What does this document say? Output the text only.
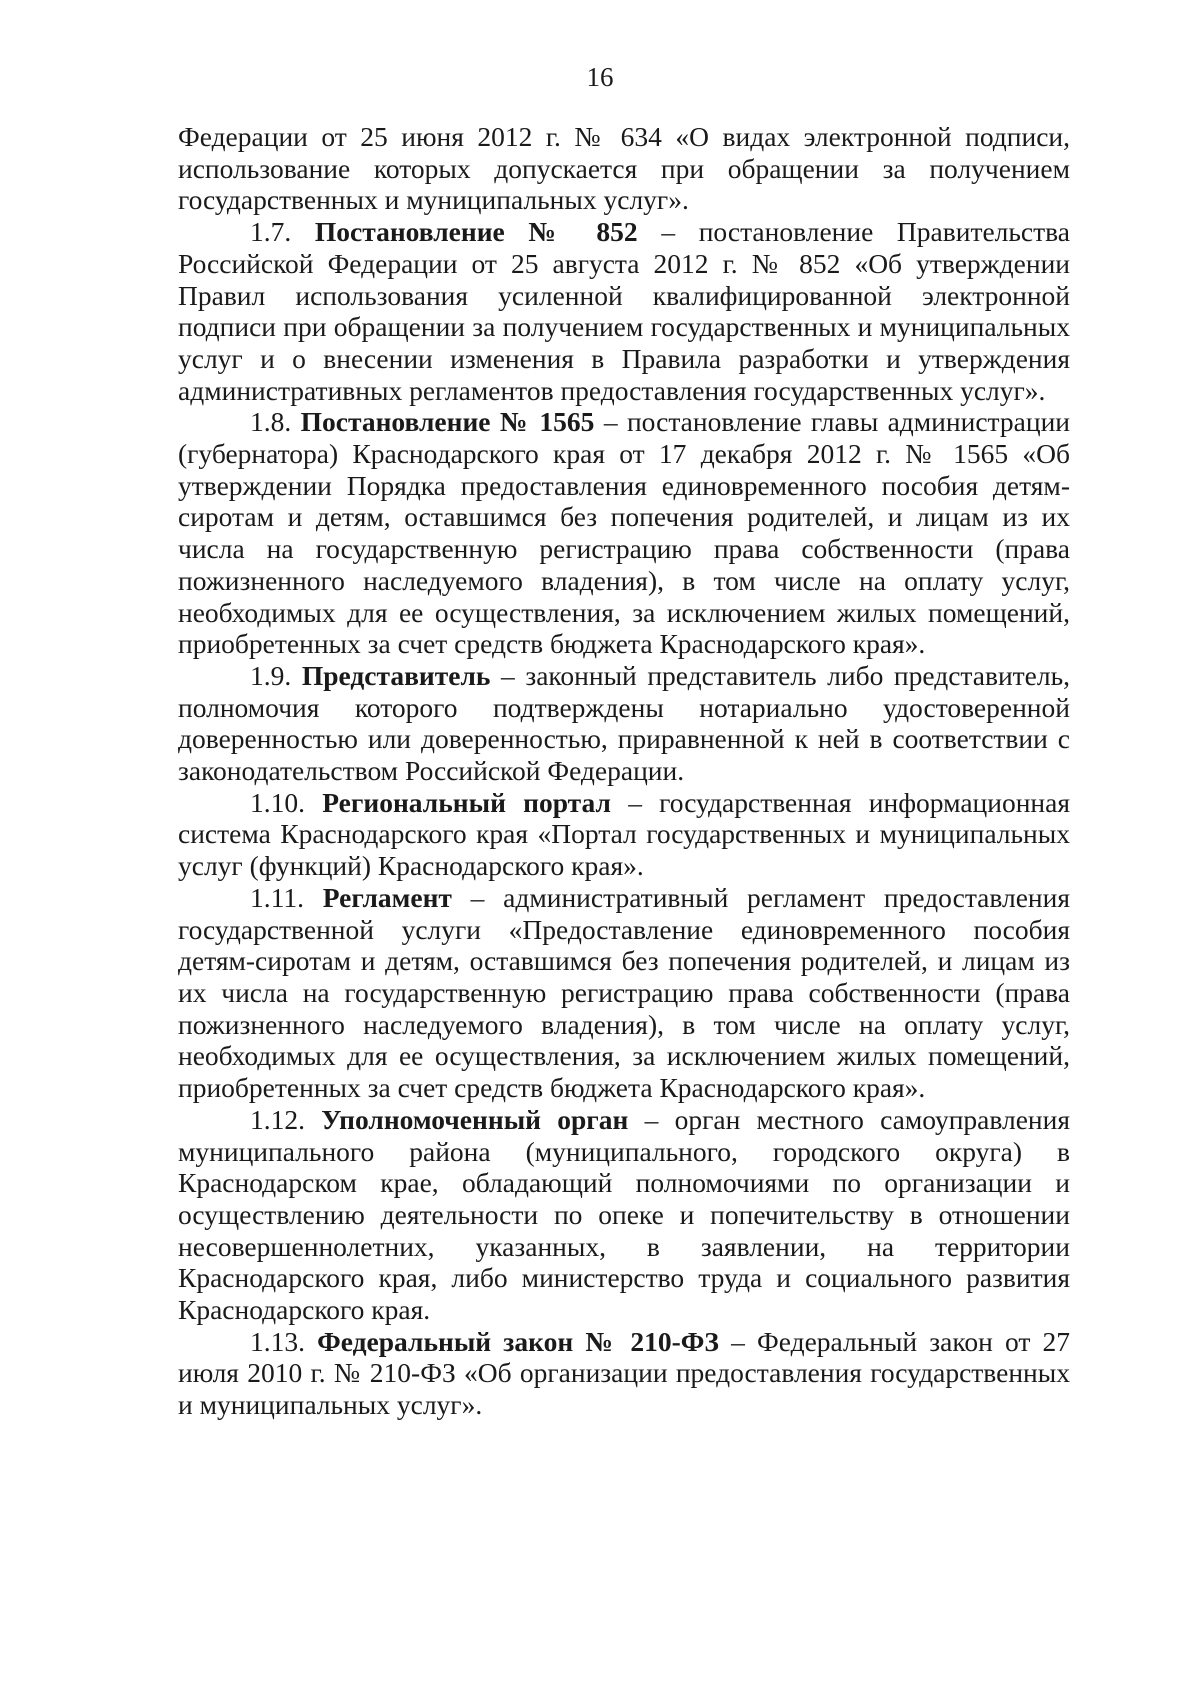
16

Федерации от 25 июня 2012 г. № 634 «О видах электронной подписи, использование которых допускается при обращении за получением государственных и муниципальных услуг».

1.7. Постановление № 852 – постановление Правительства Российской Федерации от 25 августа 2012 г. № 852 «Об утверждении Правил использования усиленной квалифицированной электронной подписи при обращении за получением государственных и муниципальных услуг и о внесении изменения в Правила разработки и утверждения административных регламентов предоставления государственных услуг».

1.8. Постановление № 1565 – постановление главы администрации (губернатора) Краснодарского края от 17 декабря 2012 г. № 1565 «Об утверждении Порядка предоставления единовременного пособия детям-сиротам и детям, оставшимся без попечения родителей, и лицам из их числа на государственную регистрацию права собственности (права пожизненного наследуемого владения), в том числе на оплату услуг, необходимых для ее осуществления, за исключением жилых помещений, приобретенных за счет средств бюджета Краснодарского края».

1.9. Представитель – законный представитель либо представитель, полномочия которого подтверждены нотариально удостоверенной доверенностью или доверенностью, приравненной к ней в соответствии с законодательством Российской Федерации.

1.10. Региональный портал – государственная информационная система Краснодарского края «Портал государственных и муниципальных услуг (функций) Краснодарского края».

1.11. Регламент – административный регламент предоставления государственной услуги «Предоставление единовременного пособия детям-сиротам и детям, оставшимся без попечения родителей, и лицам из их числа на государственную регистрацию права собственности (права пожизненного наследуемого владения), в том числе на оплату услуг, необходимых для ее осуществления, за исключением жилых помещений, приобретенных за счет средств бюджета Краснодарского края».

1.12. Уполномоченный орган – орган местного самоуправления муниципального района (муниципального, городского округа) в Краснодарском крае, обладающий полномочиями по организации и осуществлению деятельности по опеке и попечительству в отношении несовершеннолетних, указанных, в заявлении, на территории Краснодарского края, либо министерство труда и социального развития Краснодарского края.

1.13. Федеральный закон № 210-ФЗ – Федеральный закон от 27 июля 2010 г. № 210-ФЗ «Об организации предоставления государственных и муниципальных услуг».
